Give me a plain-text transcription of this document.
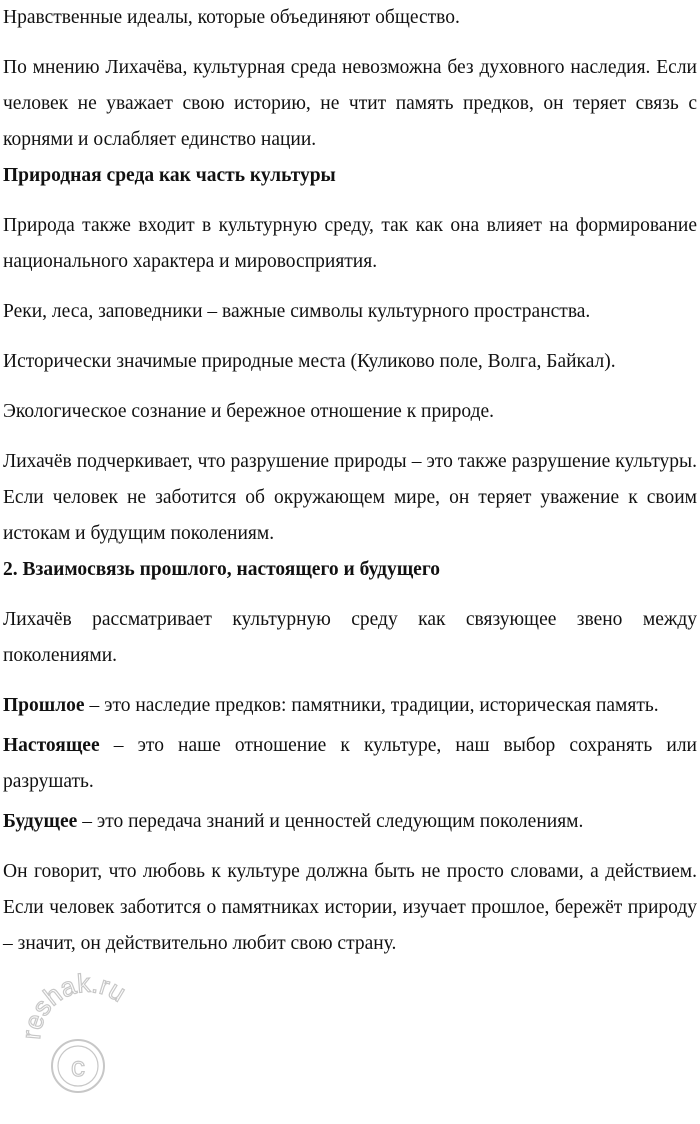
Нравственные идеалы, которые объединяют общество.

По мнению Лихачёва, культурная среда невозможна без духовного наследия. Если человек не уважает свою историю, не чтит память предков, он теряет связь с корнями и ослабляет единство нации.

Природная среда как часть культуры

Природа также входит в культурную среду, так как она влияет на формирование национального характера и мировосприятия.

Реки, леса, заповедники – важные символы культурного пространства.

Исторически значимые природные места (Куликово поле, Волга, Байкал).

Экологическое сознание и бережное отношение к природе.

Лихачёв подчеркивает, что разрушение природы – это также разрушение культуры. Если человек не заботится об окружающем мире, он теряет уважение к своим истокам и будущим поколениям.

2. Взаимосвязь прошлого, настоящего и будущего

Лихачёв рассматривает культурную среду как связующее звено между поколениями.

Прошлое – это наследие предков: памятники, традиции, историческая память.

Настоящее – это наше отношение к культуре, наш выбор сохранять или разрушать.

Будущее – это передача знаний и ценностей следующим поколениям.

Он говорит, что любовь к культуре должна быть не просто словами, а действием. Если человек заботится о памятниках истории, изучает прошлое, бережёт природу – значит, он действительно любит свою страну.

c
reshak.ru
